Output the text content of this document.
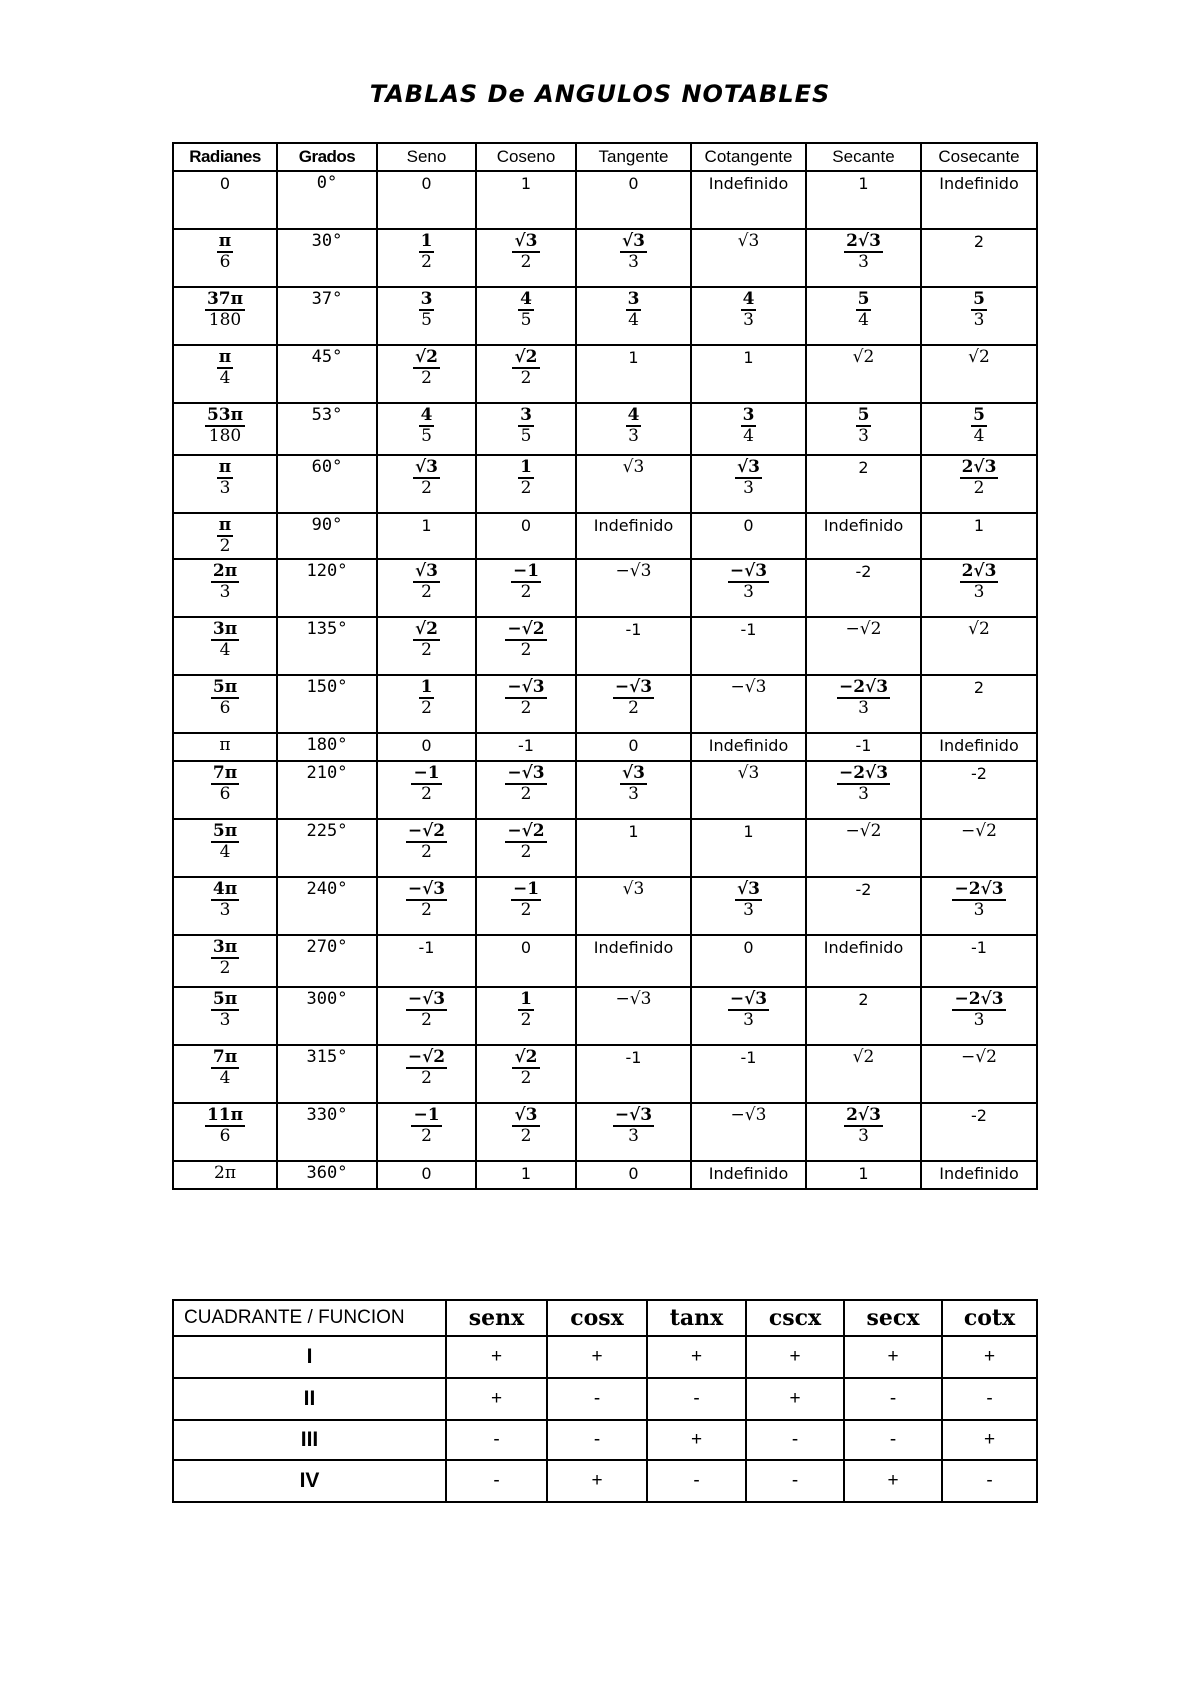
TABLAS De ANGULOS NOTABLES
Radianes	Grados	Seno	Coseno	Tangente	Cotangente	Secante	Cosecante
0	0°	0	1	0	Indefinido	1	Indefinido

$\frac{\pi}{6}$	30°	$\frac{1}{2}$	$\frac{√3}{2}$	$\frac{√3}{3}$	√3	$\frac{2√3}{3}$	2

$\frac{37\pi}{180}$	37°	$\frac{3}{5}$	$\frac{4}{5}$	$\frac{3}{4}$	$\frac{4}{3}$	$\frac{5}{4}$	$\frac{5}{3}$

$\frac{\pi}{4}$	45°	$\frac{√2}{2}$	$\frac{√2}{2}$	1	1	√2	√2

$\frac{53\pi}{180}$	53°	$\frac{4}{5}$	$\frac{3}{5}$	$\frac{4}{3}$	$\frac{3}{4}$	$\frac{5}{3}$	$\frac{5}{4}$

$\frac{\pi}{3}$	60°	$\frac{√3}{2}$	$\frac{1}{2}$	√3	$\frac{√3}{3}$	2	$\frac{2√3}{2}$

$\frac{\pi}{2}$	90°	1	0	Indefinido	0	Indefinido	1

$\frac{2\pi}{3}$	120°	$\frac{√3}{2}$	$\frac{-1}{2}$	−√3	$\frac{-√3}{3}$	-2	$\frac{2√3}{3}$

$\frac{3\pi}{4}$	135°	$\frac{√2}{2}$	$\frac{-√2}{2}$	-1	-1	−√2	√2

$\frac{5\pi}{6}$	150°	$\frac{1}{2}$	$\frac{-√3}{2}$	$\frac{-√3}{2}$	−√3	$\frac{-2√3}{3}$	2
π	180°	0	-1	0	Indefinido	-1	Indefinido

$\frac{7\pi}{6}$	210°	$\frac{-1}{2}$	$\frac{-√3}{2}$	$\frac{√3}{3}$	√3	$\frac{-2√3}{3}$	-2

$\frac{5\pi}{4}$	225°	$\frac{-√2}{2}$	$\frac{-√2}{2}$	1	1	−√2	−√2

$\frac{4\pi}{3}$	240°	$\frac{-√3}{2}$	$\frac{-1}{2}$	√3	$\frac{√3}{3}$	-2	$\frac{-2√3}{3}$

$\frac{3\pi}{2}$	270°	-1	0	Indefinido	0	Indefinido	-1

$\frac{5\pi}{3}$	300°	$\frac{-√3}{2}$	$\frac{1}{2}$	−√3	$\frac{-√3}{3}$	2	$\frac{-2√3}{3}$

$\frac{7\pi}{4}$	315°	$\frac{-√2}{2}$	$\frac{√2}{2}$	-1	-1	√2	−√2

$\frac{11\pi}{6}$	330°	$\frac{-1}{2}$	$\frac{√3}{2}$	$\frac{-√3}{3}$	−√3	$\frac{2√3}{3}$	-2
2π	360°	0	1	0	Indefinido	1	Indefinido
CUADRANTE / FUNCION	senx	cosx	tanx	cscx	secx	cotx
I	+	+	+	+	+	+
II	+	-	-	+	-	-
III	-	-	+	-	-	+
IV	-	+	-	-	+	-
